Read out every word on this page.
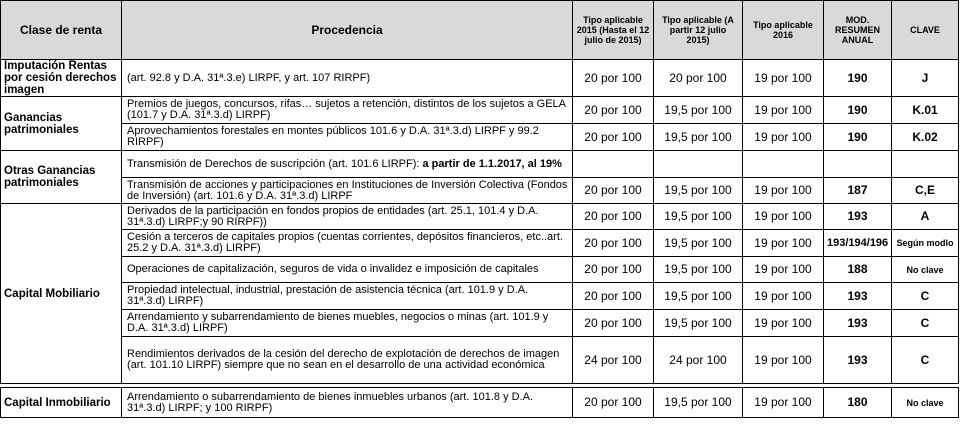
Clase de renta	Procedencia	Tipo aplicable 2015 (Hasta el 12 julio de 2015)	Tipo aplicable (A partir 12 julio 2015)	Tipo aplicable 2016	MOD. RESUMEN ANUAL	CLAVE
Imputación Rentas por cesión derechos imagen	(art. 92.8 y D.A. 31ª.3.e) LIRPF, y art. 107 RIRPF)	20 por 100	20 por 100	19 por 100	190	J
Ganancias patrimoniales	Premios de juegos, concursos, rifas… sujetos a retención, distintos de los sujetos a GELA (101.7 y D.A. 31ª.3.d) LIRPF)	20 por 100	19,5 por 100	19 por 100	190	K.01
	Aprovechamientos forestales en montes públicos 101.6 y D.A. 31ª.3.d) LIRPF y 99.2 RIRPF)	20 por 100	19,5 por 100	19 por 100	190	K.02
Otras Ganancias patrimoniales	Transmisión de Derechos de suscripción (art. 101.6 LIRPF): a partir de 1.1.2017, al 19%					
	Transmisión de acciones y participaciones en Instituciones de Inversión Colectiva (Fondos de Inversión) (art. 101.6 y D.A. 31ª.3.d) LIRPF	20 por 100	19,5 por 100	19 por 100	187	C,E
Capital Mobiliario	Derivados de la participación en fondos propios de entidades (art. 25.1, 101.4 y D.A. 31ª.3.d) LIRPF;y 90 RIRPF))	20 por 100	19,5 por 100	19 por 100	193	A
	Cesión a terceros de capitales propios (cuentas corrientes, depósitos financieros, etc..art. 25.2 y D.A. 31ª.3.d) LIRPF)	20 por 100	19,5 por 100	19 por 100	193/194/196	Según modlo
	Operaciones de capitalización, seguros de vida o invalidez e imposición de capitales	20 por 100	19,5 por 100	19 por 100	188	No clave
	Propiedad intelectual, industrial, prestación de asistencia técnica (art. 101.9 y D.A. 31ª.3.d) LIRPF)	20 por 100	19,5 por 100	19 por 100	193	C
	Arrendamiento y subarrendamiento de bienes muebles, negocios o minas (art. 101.9 y D.A. 31ª.3.d) LIRPF)	20 por 100	19,5 por 100	19 por 100	193	C
	Rendimientos derivados de la cesión del derecho de explotación de derechos de imagen (art. 101.10 LIRPF) siempre que no sean en el desarrollo de una actividad económica	24 por 100	24 por 100	19 por 100	193	C

Capital Inmobiliario	Arrendamiento o subarrendamiento de bienes inmuebles urbanos (art. 101.8 y D.A. 31ª.3.d) LIRPF; y 100 RIRPF)	20 por 100	19,5 por 100	19 por 100	180	No clave
